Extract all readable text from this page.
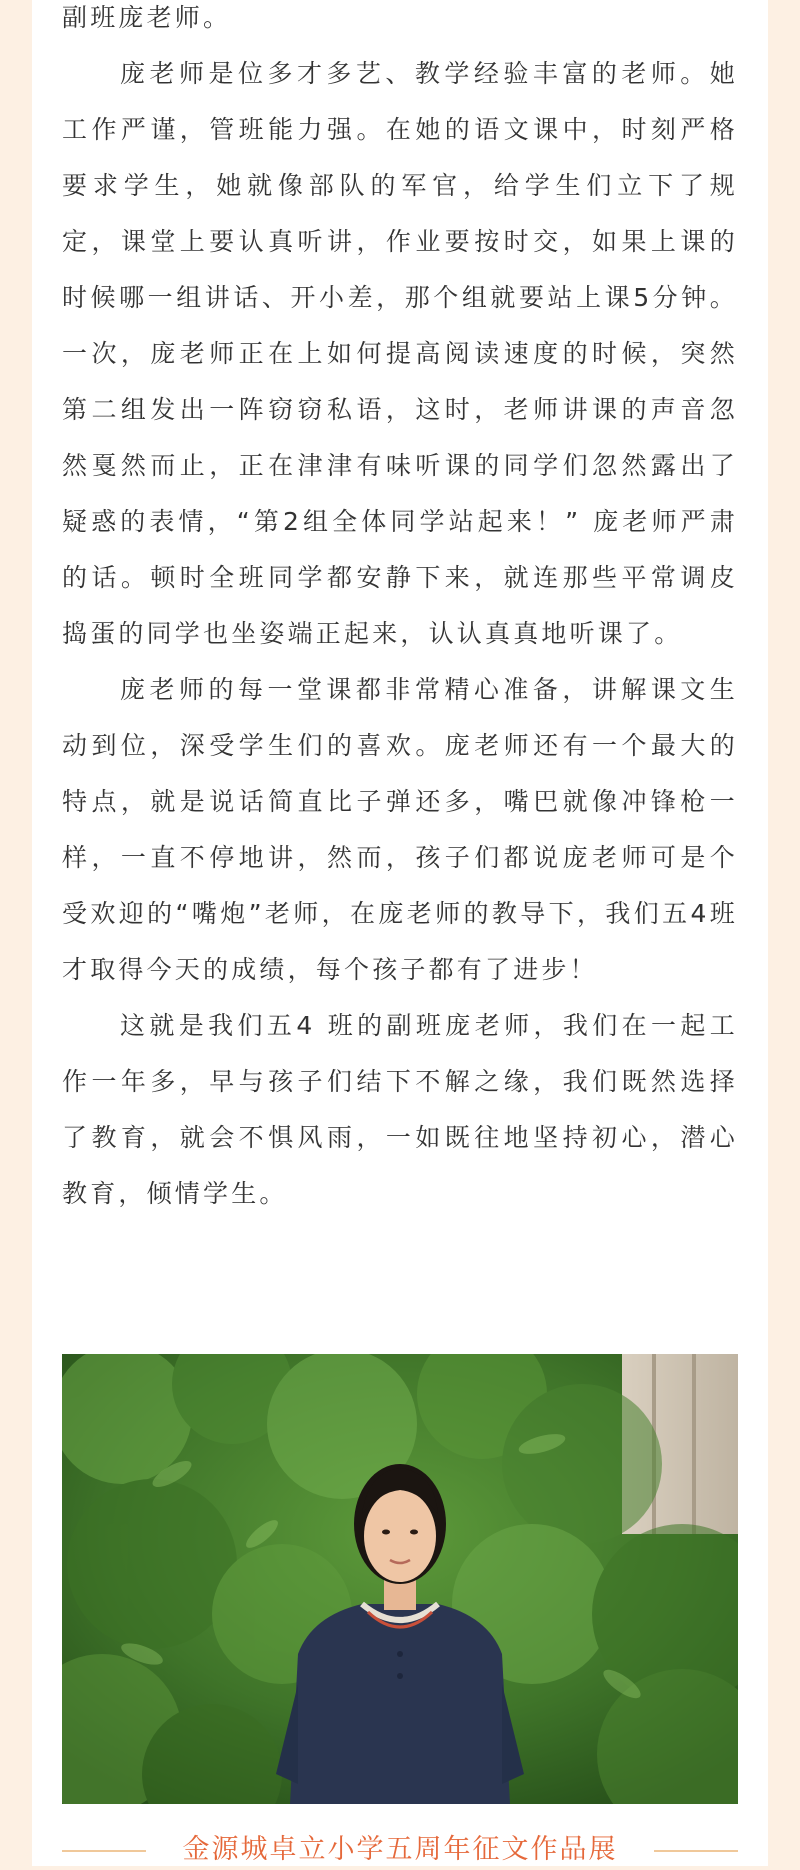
副班庞老师。

庞老师是位多才多艺、教学经验丰富的老师。她工作严谨，管班能力强。在她的语文课中，时刻严格要求学生，她就像部队的军官，给学生们立下了规定，课堂上要认真听讲，作业要按时交，如果上课的时候哪一组讲话、开小差，那个组就要站上课5分钟。一次，庞老师正在上如何提高阅读速度的时候，突然第二组发出一阵窃窃私语，这时，老师讲课的声音忽然戛然而止，正在津津有味听课的同学们忽然露出了疑惑的表情，“第2组全体同学站起来！” 庞老师严肃的话。顿时全班同学都安静下来，就连那些平常调皮捣蛋的同学也坐姿端正起来，认认真真地听课了。

庞老师的每一堂课都非常精心准备，讲解课文生动到位，深受学生们的喜欢。庞老师还有一个最大的特点，就是说话简直比子弹还多，嘴巴就像冲锋枪一样，一直不停地讲，然而，孩子们都说庞老师可是个受欢迎的“嘴炮”老师，在庞老师的教导下，我们五4班才取得今天的成绩，每个孩子都有了进步！

这就是我们五4 班的副班庞老师，我们在一起工作一年多，早与孩子们结下不解之缘，我们既然选择了教育，就会不惧风雨，一如既往地坚持初心，潜心教育，倾情学生。

金源城卓立小学五周年征文作品展
